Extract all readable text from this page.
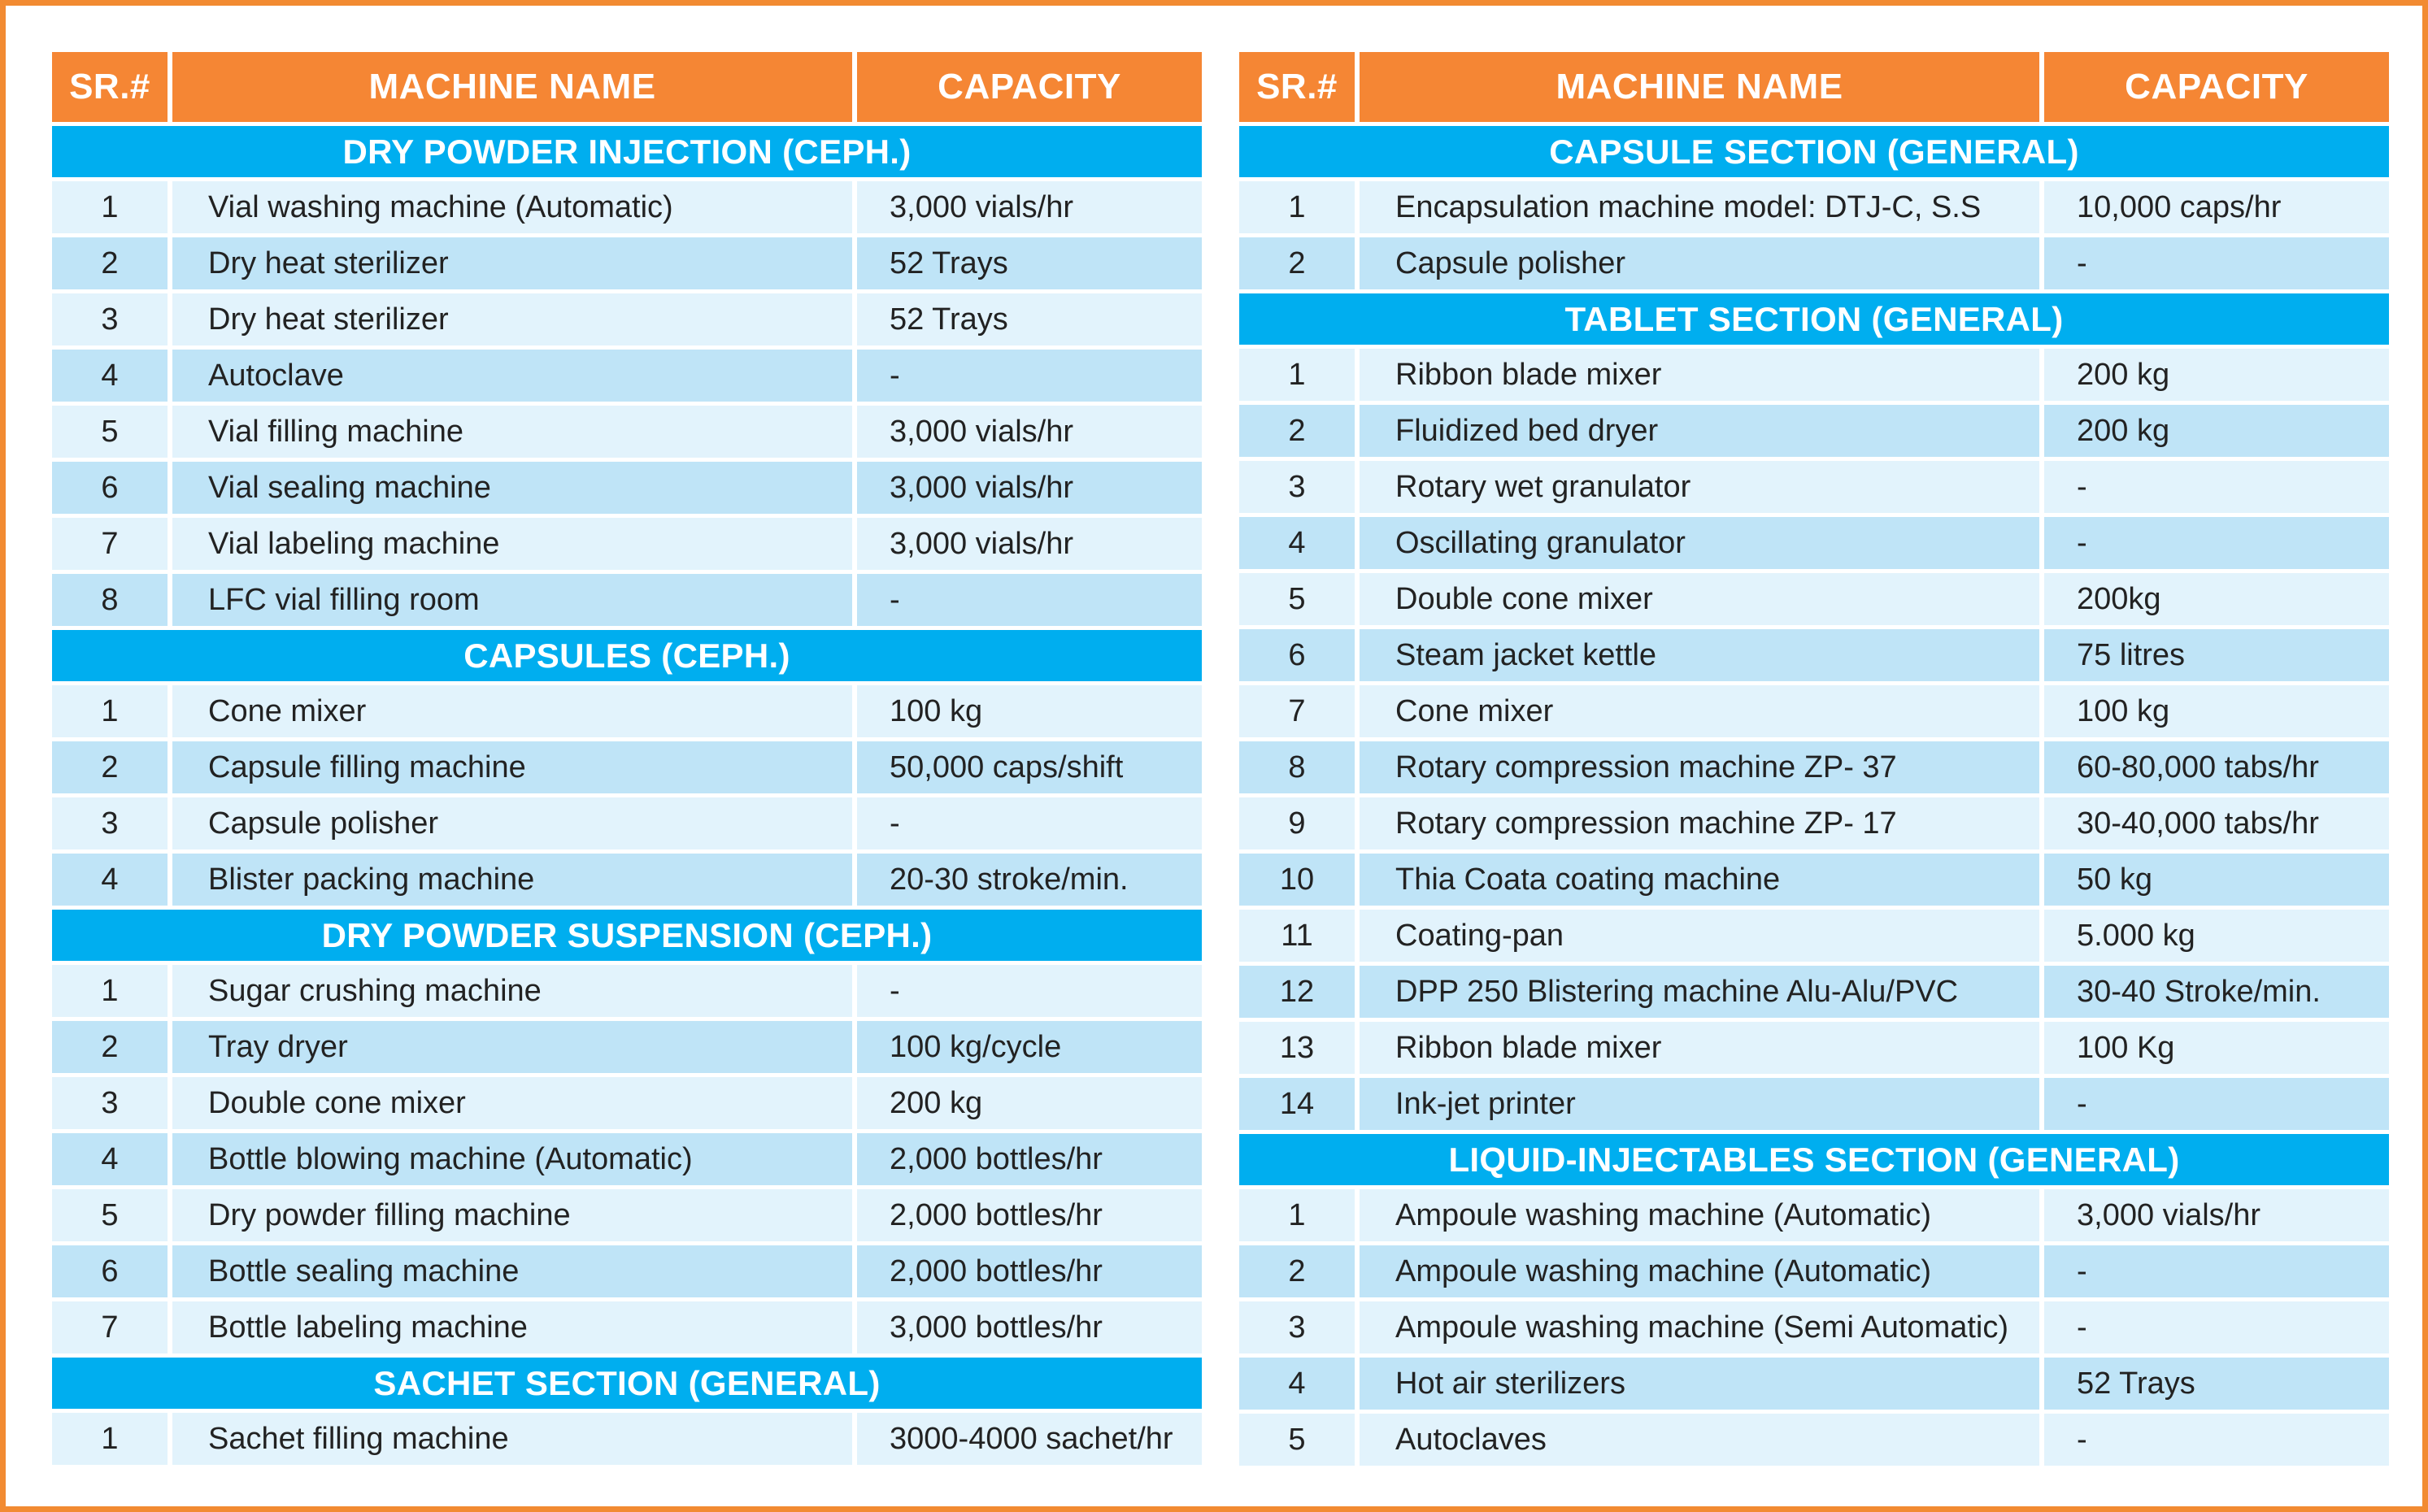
SR.#	MACHINE NAME	CAPACITY
DRY POWDER INJECTION (CEPH.)		
1	Vial washing machine (Automatic)	3,000 vials/hr
2	Dry heat sterilizer	52 Trays
3	Dry heat sterilizer	52 Trays
4	Autoclave	-
5	Vial filling machine	3,000 vials/hr
6	Vial sealing machine	3,000 vials/hr
7	Vial labeling machine	3,000 vials/hr
8	LFC vial filling room	-
CAPSULES (CEPH.)		
1	Cone mixer	100 kg
2	Capsule filling machine	50,000 caps/shift
3	Capsule polisher	-
4	Blister packing machine	20-30 stroke/min.
DRY POWDER SUSPENSION (CEPH.)		
1	Sugar crushing machine	-
2	Tray dryer	100 kg/cycle
3	Double cone mixer	200 kg
4	Bottle blowing machine (Automatic)	2,000 bottles/hr
5	Dry powder filling machine	2,000 bottles/hr
6	Bottle sealing machine	2,000 bottles/hr
7	Bottle labeling machine	3,000 bottles/hr
SACHET SECTION (GENERAL)		
1	Sachet filling machine	3000-4000 sachet/hr
SR.#	MACHINE NAME	CAPACITY
CAPSULE SECTION (GENERAL)		
1	Encapsulation machine model: DTJ-C, S.S	10,000 caps/hr
2	Capsule polisher	-
TABLET SECTION (GENERAL)		
1	Ribbon blade mixer	200 kg
2	Fluidized bed dryer	200 kg
3	Rotary wet granulator	-
4	Oscillating granulator	-
5	Double cone mixer	200kg
6	Steam jacket kettle	75 litres
7	Cone mixer	100 kg
8	Rotary compression machine ZP- 37	60-80,000 tabs/hr
9	Rotary compression machine ZP- 17	30-40,000 tabs/hr
10	Thia Coata coating machine	50 kg
11	Coating-pan	5.000 kg
12	DPP 250 Blistering machine Alu-Alu/PVC	30-40 Stroke/min.
13	Ribbon blade mixer	100 Kg
14	Ink-jet printer	-
LIQUID-INJECTABLES SECTION (GENERAL)		
1	Ampoule washing machine (Automatic)	3,000 vials/hr
2	Ampoule washing machine (Automatic)	-
3	Ampoule washing machine (Semi Automatic)	-
4	Hot air sterilizers	52 Trays
5	Autoclaves	-
